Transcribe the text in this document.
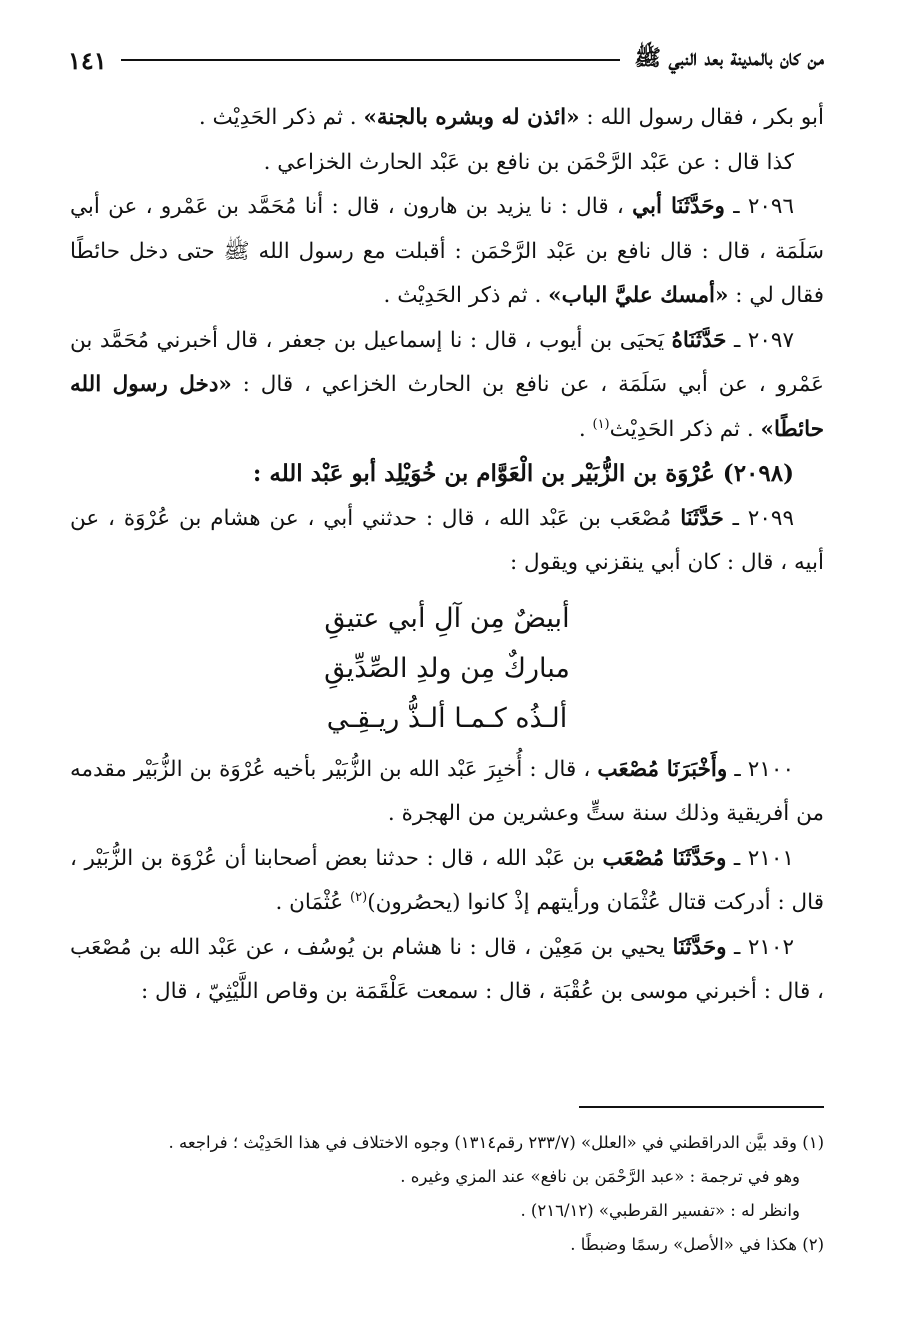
من كان بالمدينة بعد النبي ﷺ
١٤١

أبو بكر ، فقال رسول الله : «ائذن له وبشره بالجنة» . ثم ذكر الحَدِيْث .

كذا قال : عن عَبْد الرَّحْمَن بن نافع بن عَبْد الحارث الخزاعي .

٢٠٩٦ ـ وحَدَّثَنَا أبي ، قال : نا يزيد بن هارون ، قال : أنا مُحَمَّد بن عَمْرو ، عن أبي سَلَمَة ، قال : قال نافع بن عَبْد الرَّحْمَن : أقبلت مع رسول الله ﷺ حتى دخل حائطًا فقال لي : «أمسك عليَّ الباب» . ثم ذكر الحَدِيْث .

٢٠٩٧ ـ حَدَّثَنَاهُ يَحيَى بن أيوب ، قال : نا إسماعيل بن جعفر ، قال أخبرني مُحَمَّد بن عَمْرو ، عن أبي سَلَمَة ، عن نافع بن الحارث الخزاعي ، قال : «دخل رسول الله حائطًا» . ثم ذكر الحَدِيْث$^{(١)}$ .

(٢٠٩٨) عُرْوَة بن الزُّبَيْر بن الْعَوَّام بن خُوَيْلِد أبو عَبْد الله :

٢٠٩٩ ـ حَدَّثَنَا مُصْعَب بن عَبْد الله ، قال : حدثني أبي ، عن هشام بن عُرْوَة ، عن أبيه ، قال : كان أبي ينقزني ويقول :

أبيضٌ مِن آلِ أبي عتيقِ
مباركٌ مِن ولدِ الصِّدِّيقِ
ألـذُه كـمـا ألـذُّ ريـقِـي

٢١٠٠ ـ وأَخْبَرَنَا مُصْعَب ، قال : أُخبِرَ عَبْد الله بن الزُّبَيْر بأخيه عُرْوَة بن الزُّبَيْر مقدمه من أفريقية وذلك سنة ستٍّ وعشرين من الهجرة .

٢١٠١ ـ وحَدَّثَنَا مُصْعَب بن عَبْد الله ، قال : حدثنا بعض أصحابنا أن عُرْوَة بن الزُّبَيْر ، قال : أدركت قتال عُثْمَان ورأيتهم إذْ كانوا (يحصُرون)$^{(٢)}$ عُثْمَان .

٢١٠٢ ـ وحَدَّثَنَا يحيي بن مَعِيْن ، قال : نا هشام بن يُوسُف ، عن عَبْد الله بن مُصْعَب ، قال : أخبرني موسى بن عُقْبَة ، قال : سمعت عَلْقَمَة بن وقاص اللَّيْثِيّ ، قال :

(١) وقد بيَّن الدراقطني في «العلل» (٢٣٣/٧ رقم١٣١٤) وجوه الاختلاف في هذا الحَدِيْث ؛ فراجعه .

وهو في ترجمة : «عبد الرَّحْمَن بن نافع» عند المزي وغيره .

وانظر له : «تفسير القرطبي» (٢١٦/١٢) .

(٢) هكذا في «الأصل» رسمًا وضبطًا .
